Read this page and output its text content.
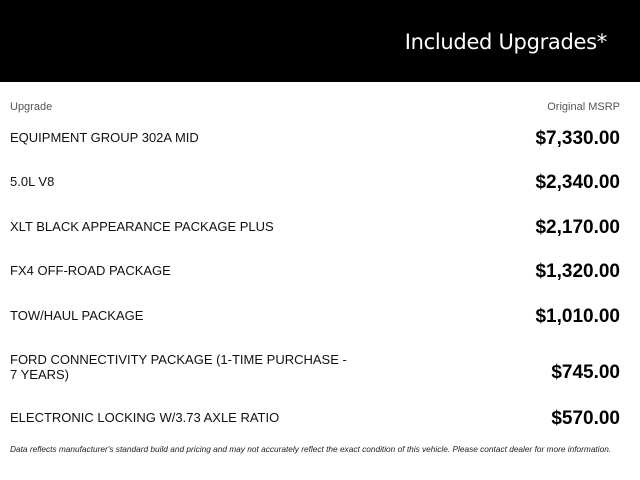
Included Upgrades*
Upgrade	Original MSRP
EQUIPMENT GROUP 302A MID	$7,330.00
5.0L V8	$2,340.00
XLT BLACK APPEARANCE PACKAGE PLUS	$2,170.00
FX4 OFF-ROAD PACKAGE	$1,320.00
TOW/HAUL PACKAGE	$1,010.00
FORD CONNECTIVITY PACKAGE (1-TIME PURCHASE - 7 YEARS)	$745.00
ELECTRONIC LOCKING W/3.73 AXLE RATIO	$570.00
Data reflects manufacturer's standard build and pricing and may not accurately reflect the exact condition of this vehicle. Please contact dealer for more information.
